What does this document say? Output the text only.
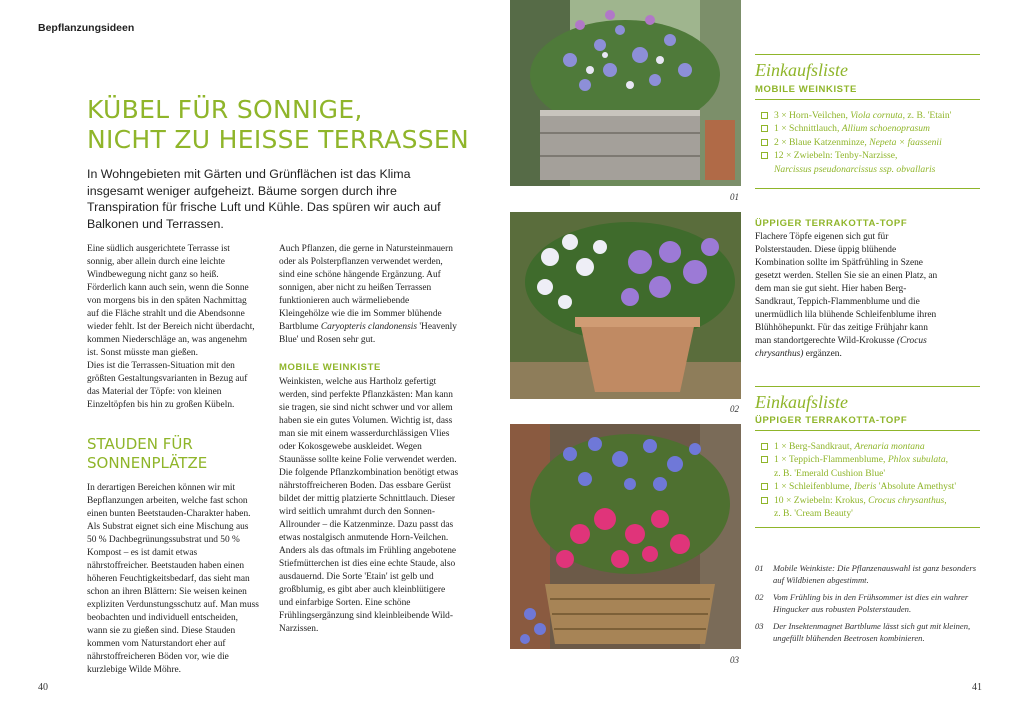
Bepflanzungsideen
KÜBEL FÜR SONNIGE,
NICHT ZU HEISSE TERRASSEN
In Wohngebieten mit Gärten und Grünflächen ist das Klima insgesamt weniger aufgeheizt. Bäume sorgen durch ihre Transpiration für frische Luft und Kühle. Das spüren wir auch auf Balkonen und Terrassen.

Eine südlich ausgerichtete Terrasse ist sonnig, aber allein durch eine leichte Windbewegung nicht ganz so heiß. Förderlich kann auch sein, wenn die Sonne von morgens bis in den späten Nachmittag auf die Fläche strahlt und die Abendsonne wieder fehlt. Ist der Bereich nicht überdacht, kommen Niederschläge an, was angenehm ist. Sonst müsste man gießen.

Dies ist die Terrassen-Situation mit den größten Gestaltungsvarianten in Bezug auf das Material der Töpfe: von kleinen Einzeltöpfen bis hin zu großen Kübeln.

STAUDEN FÜR
SONNENPLÄTZE
In derartigen Bereichen können wir mit Bepflanzungen arbeiten, welche fast schon einen bunten Beetstauden-Charakter haben. Als Substrat eignet sich eine Mischung aus 50 % Dachbegrünungssubstrat und 50 % Kompost – es ist damit etwas nährstoffreicher. Beetstauden haben einen höheren Feuchtigkeitsbedarf, das sieht man schon an ihren Blättern: Sie weisen keinen expliziten Verdunstungsschutz auf. Man muss beobachten und individuell entscheiden, wann sie zu gießen sind. Diese Stauden kommen vom Naturstandort eher auf nährstoffreicheren Böden vor, wie die kurzlebige Wilde Möhre.

Auch Pflanzen, die gerne in Natursteinmauern oder als Polsterpflanzen verwendet werden, sind eine schöne hängende Ergänzung. Auf sonnigen, aber nicht zu heißen Terrassen funktionieren auch wärmeliebende Kleingehölze wie die im Sommer blühende Bartblume Caryopteris clandonensis 'Heavenly Blue' und Rosen sehr gut.

MOBILE WEINKISTE
Weinkisten, welche aus Hartholz gefertigt werden, sind perfekte Pflanzkästen: Man kann sie tragen, sie sind nicht schwer und vor allem haben sie ein gutes Volumen. Wichtig ist, dass man sie mit einem wasserdurchlässigen Vlies oder Kokosgewebe auskleidet. Wegen Staunässe sollte keine Folie verwendet werden. Die folgende Pflanzkombination benötigt etwas nährstoffreicheren Boden. Das essbare Gerüst bildet der mittig platzierte Schnittlauch. Dieser wird seitlich umrahmt durch den Sonnen-Allrounder – die Katzenminze. Dazu passt das etwas nostalgisch anmutende Horn-Veilchen. Anders als das oftmals im Frühling angebotene Stiefmütterchen ist dies eine echte Staude, also ausdauernd. Die Sorte 'Etain' ist gelb und großblumig, es gibt aber auch kleinblütigere und einfarbige Sorten. Eine schöne Frühlingsergänzung sind kleinbleibende Wild-Narzissen.
40
01
02
03
Einkaufsliste
MOBILE WEINKISTE
3 × Horn-Veilchen, Viola cornuta, z. B. 'Etain'
1 × Schnittlauch, Allium schoenoprasum
2 × Blaue Katzenminze, Nepeta × faassenii
12 × Zwiebeln: Tenby-Narzisse,
Narcissus pseudonarcissus ssp. obvallaris
ÜPPIGER TERRAKOTTA-TOPF
Flachere Töpfe eigenen sich gut für Polsterstauden. Diese üppig blühende Kombination sollte im Spätfrühling in Szene gesetzt werden. Stellen Sie sie an einen Platz, an dem man sie gut sieht. Hier haben Berg-Sandkraut, Teppich-Flammenblume und die unermüdlich lila blühende Schleifenblume ihren Blühhöhepunkt. Für das zeitige Frühjahr kann man standortgerechte Wild-Krokusse (Crocus chrysanthus) ergänzen.
Einkaufsliste
ÜPPIGER TERRAKOTTA-TOPF
1 × Berg-Sandkraut, Arenaria montana
1 × Teppich-Flammenblume, Phlox subulata,
z. B. 'Emerald Cushion Blue'
1 × Schleifenblume, Iberis 'Absolute Amethyst'
10 × Zwiebeln: Krokus, Crocus chrysanthus,
z. B. 'Cream Beauty'
01 Mobile Weinkiste: Die Pflanzenauswahl ist ganz besonders auf Wildbienen abgestimmt.
02 Vom Frühling bis in den Frühsommer ist dies ein wahrer Hingucker aus robusten Polsterstauden.
03 Der Insektenmagnet Bartblume lässt sich gut mit kleinen, ungefüllt blühenden Beetrosen kombinieren.
41
